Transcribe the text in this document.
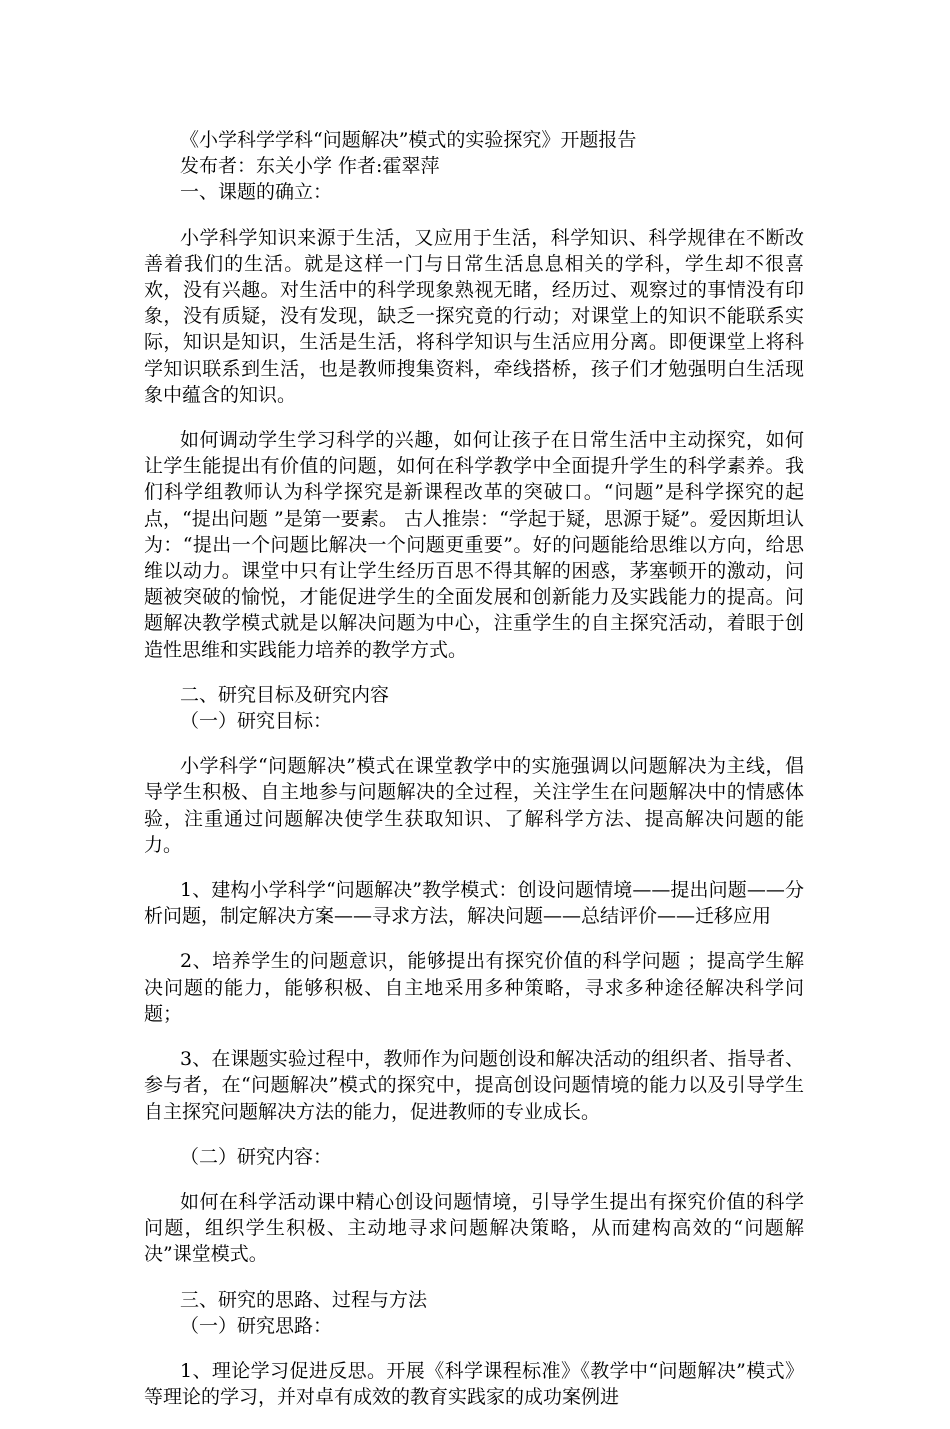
《小学科学学科“问题解决”模式的实验探究》开题报告

发布者：东关小学 作者:霍翠萍

一、课题的确立：

小学科学知识来源于生活，又应用于生活，科学知识、科学规律在不断改善着我们的生活。就是这样一门与日常生活息息相关的学科，学生却不很喜欢，没有兴趣。对生活中的科学现象熟视无睹，经历过、观察过的事情没有印象，没有质疑，没有发现，缺乏一探究竟的行动；对课堂上的知识不能联系实际，知识是知识，生活是生活，将科学知识与生活应用分离。即便课堂上将科学知识联系到生活，也是教师搜集资料，牵线搭桥，孩子们才勉强明白生活现象中蕴含的知识。

如何调动学生学习科学的兴趣，如何让孩子在日常生活中主动探究，如何让学生能提出有价值的问题，如何在科学教学中全面提升学生的科学素养。我们科学组教师认为科学探究是新课程改革的突破口。“问题”是科学探究的起点，“提出问题 ”是第一要素。 古人推崇：“学起于疑，思源于疑”。爱因斯坦认为：“提出一个问题比解决一个问题更重要”。好的问题能给思维以方向，给思维以动力。课堂中只有让学生经历百思不得其解的困惑，茅塞顿开的激动，问题被突破的愉悦，才能促进学生的全面发展和创新能力及实践能力的提高。问题解决教学模式就是以解决问题为中心，注重学生的自主探究活动，着眼于创造性思维和实践能力培养的教学方式。

二、研究目标及研究内容

（一）研究目标：

小学科学“问题解决”模式在课堂教学中的实施强调以问题解决为主线，倡导学生积极、自主地参与问题解决的全过程，关注学生在问题解决中的情感体验，注重通过问题解决使学生获取知识、了解科学方法、提高解决问题的能力。

1、建构小学科学“问题解决”教学模式：创设问题情境——提出问题——分析问题，制定解决方案——寻求方法，解决问题——总结评价——迁移应用

2、培养学生的问题意识，能够提出有探究价值的科学问题 ；提高学生解决问题的能力，能够积极、自主地采用多种策略，寻求多种途径解决科学问题；

3、在课题实验过程中，教师作为问题创设和解决活动的组织者、指导者、参与者，在“问题解决”模式的探究中，提高创设问题情境的能力以及引导学生自主探究问题解决方法的能力，促进教师的专业成长。

（二）研究内容：

如何在科学活动课中精心创设问题情境，引导学生提出有探究价值的科学问题，组织学生积极、主动地寻求问题解决策略，从而建构高效的“问题解决”课堂模式。

三、研究的思路、过程与方法

（一）研究思路：

1、理论学习促进反思。开展《科学课程标准》《教学中“问题解决”模式》等理论的学习，并对卓有成效的教育实践家的成功案例进
